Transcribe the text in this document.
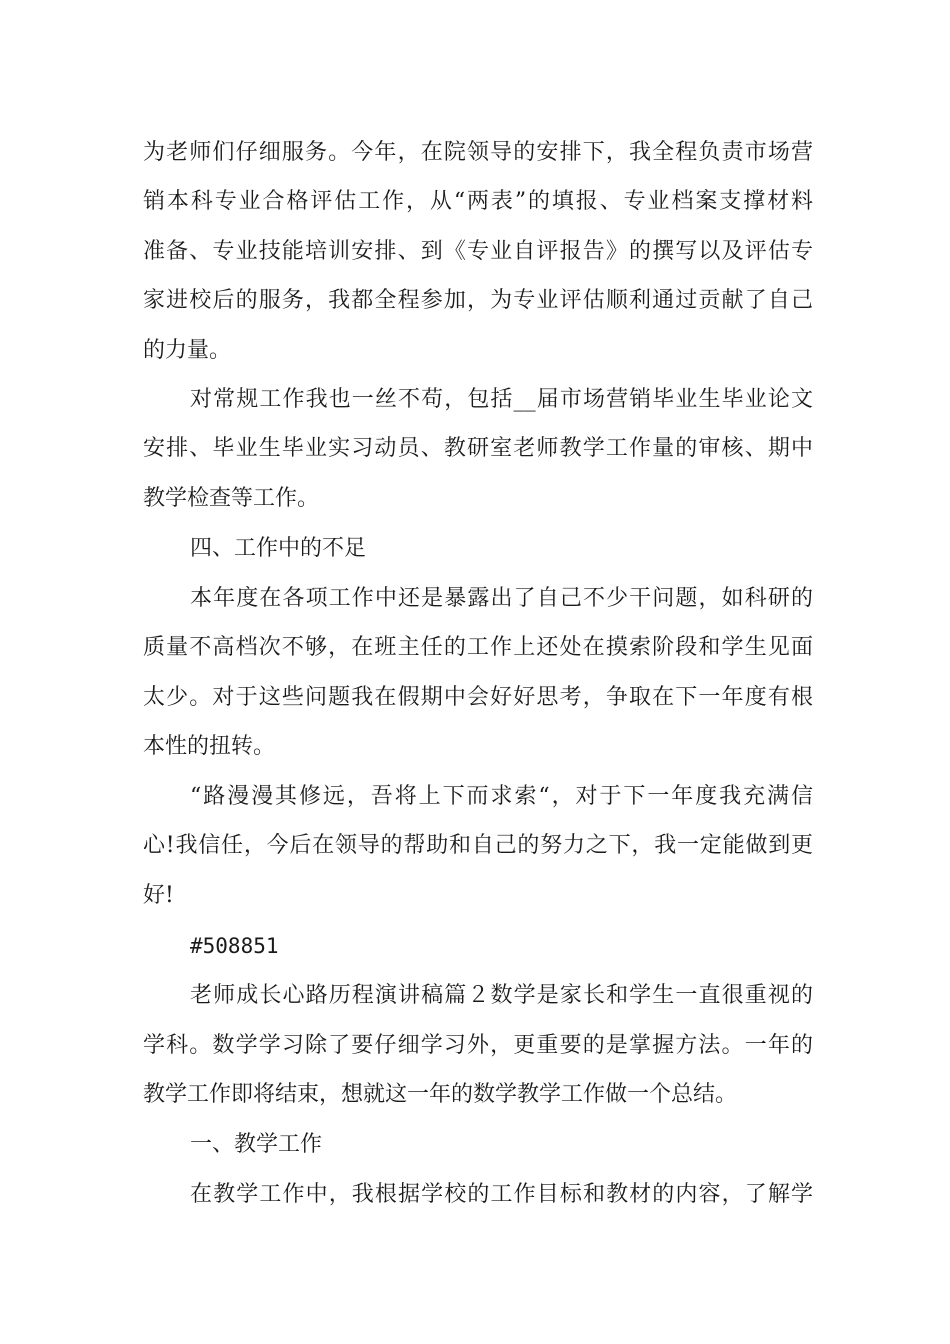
为老师们仔细服务。今年，在院领导的安排下，我全程负责市场营
销本科专业合格评估工作，从“两表”的填报、专业档案支撑材料
准备、专业技能培训安排、到《专业自评报告》的撰写以及评估专
家进校后的服务，我都全程参加，为专业评估顺利通过贡献了自己
的力量。
对常规工作我也一丝不苟，包括__届市场营销毕业生毕业论文
安排、毕业生毕业实习动员、教研室老师教学工作量的审核、期中
教学检查等工作。
四、工作中的不足
本年度在各项工作中还是暴露出了自己不少干问题，如科研的
质量不高档次不够，在班主任的工作上还处在摸索阶段和学生见面
太少。对于这些问题我在假期中会好好思考，争取在下一年度有根
本性的扭转。
“路漫漫其修远，吾将上下而求索“，对于下一年度我充满信
心!我信任，今后在领导的帮助和自己的努力之下，我一定能做到更
好!
#508851
老师成长心路历程演讲稿篇２数学是家长和学生一直很重视的
学科。数学学习除了要仔细学习外，更重要的是掌握方法。一年的
教学工作即将结束，想就这一年的数学教学工作做一个总结。
一、教学工作
在教学工作中，我根据学校的工作目标和教材的内容，了解学
